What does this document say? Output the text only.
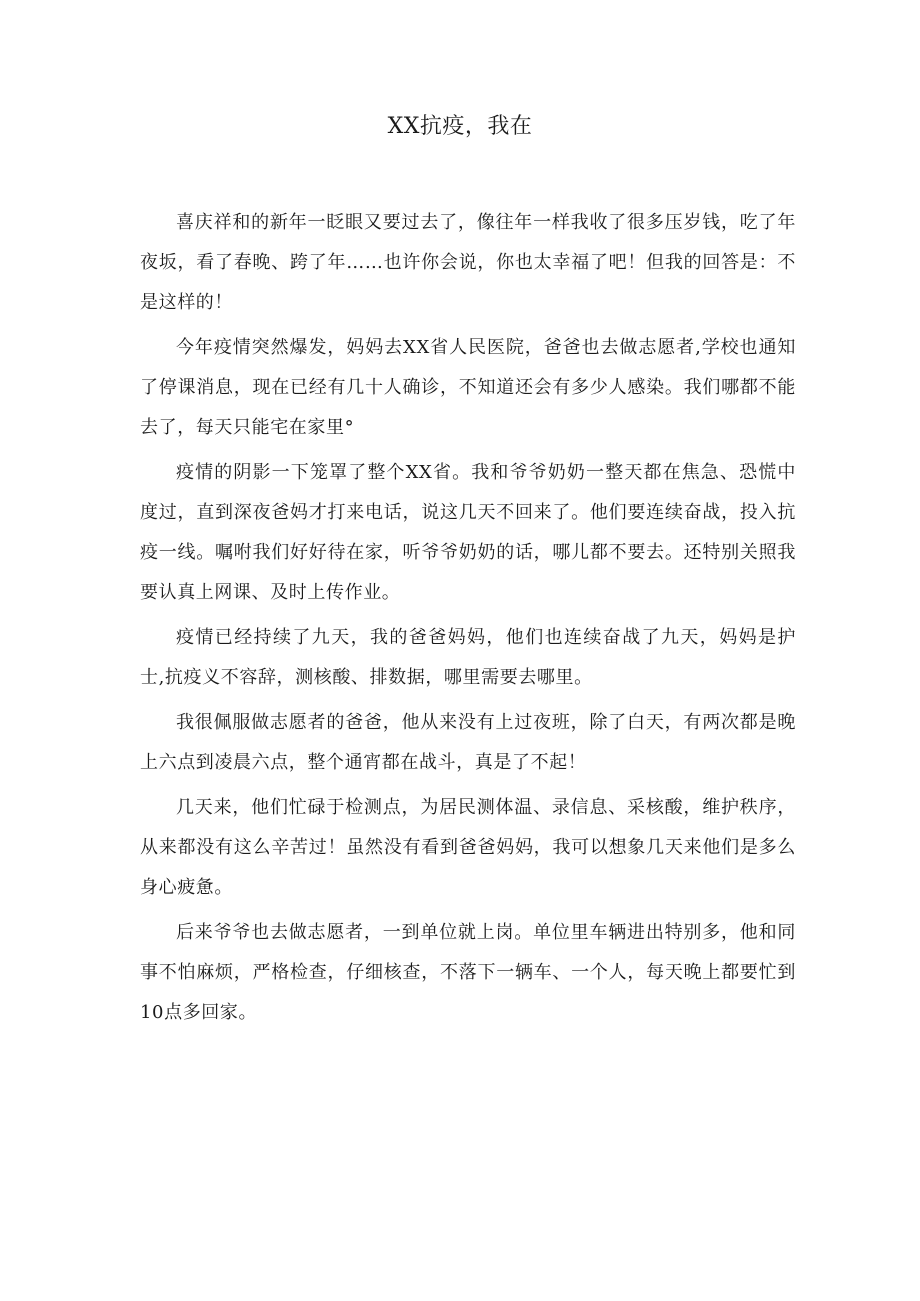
XX抗疫，我在

喜庆祥和的新年一眨眼又要过去了，像往年一样我收了很多压岁钱，吃了年夜坂，看了春晚、跨了年……也许你会说，你也太幸福了吧！但我的回答是：不是这样的！

今年疫情突然爆发，妈妈去XX省人民医院，爸爸也去做志愿者,学校也通知了停课消息，现在已经有几十人确诊，不知道还会有多少人感染。我们哪都不能去了，每天只能宅在家里°

疫情的阴影一下笼罩了整个XX省。我和爷爷奶奶一整天都在焦急、恐慌中度过，直到深夜爸妈才打来电话，说这几天不回来了。他们要连续奋战，投入抗疫一线。嘱咐我们好好待在家，听爷爷奶奶的话，哪儿都不要去。还特别关照我要认真上网课、及时上传作业。

疫情已经持续了九天，我的爸爸妈妈，他们也连续奋战了九天，妈妈是护士,抗疫义不容辞，测核酸、排数据，哪里需要去哪里。

我很佩服做志愿者的爸爸，他从来没有上过夜班，除了白天，有两次都是晚上六点到凌晨六点，整个通宵都在战斗，真是了不起！

几天来，他们忙碌于检测点，为居民测体温、录信息、采核酸，维护秩序，从来都没有这么辛苦过！虽然没有看到爸爸妈妈，我可以想象几天来他们是多么身心疲惫。

后来爷爷也去做志愿者，一到单位就上岗。单位里车辆进出特别多，他和同事不怕麻烦，严格检查，仔细核查，不落下一辆车、一个人，每天晚上都要忙到10点多回家。
